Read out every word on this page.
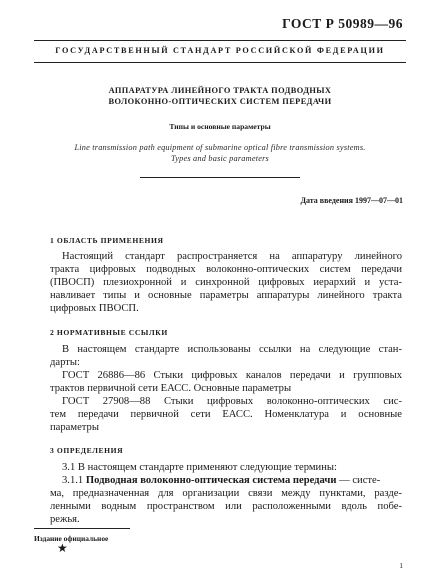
ГОСТ Р 50989—96
ГОСУДАРСТВЕННЫЙ СТАНДАРТ РОССИЙСКОЙ ФЕДЕРАЦИИ
АППАРАТУРА ЛИНЕЙНОГО ТРАКТА ПОДВОДНЫХ
ВОЛОКОННО-ОПТИЧЕСКИХ СИСТЕМ ПЕРЕДАЧИ
Типы и основные параметры
Line transmission path equipment of submarine optical fibre transmission systems.
Types and basic parameters
Дата введения 1997—07—01
1 ОБЛАСТЬ ПРИМЕНЕНИЯ
Настоящий стандарт распространяется на аппаратуру линейного
тракта цифровых подводных волоконно-оптических систем передачи
(ПВОСП) плезиохронной и синхронной цифровых иерархий и уста-
навливает типы и основные параметры аппаратуры линейного тракта
цифровых ПВОСП.
2 НОРМАТИВНЫЕ ССЫЛКИ
В настоящем стандарте использованы ссылки на следующие стан-
дарты:
ГОСТ 26886—86 Стыки цифровых каналов передачи и групповых
трактов первичной сети ЕАСС. Основные параметры
ГОСТ 27908—88 Стыки цифровых волоконно-оптических сис-
тем передачи первичной сети ЕАСС. Номенклатура и основные
параметры
3 ОПРЕДЕЛЕНИЯ
3.1 В настоящем стандарте применяют следующие термины:
3.1.1 Подводная волоконно-оптическая система передачи — систе-
ма, предназначенная для организации связи между пунктами, разде-
ленными водным пространством или расположенными вдоль побе-
режья.
Издание официальное
★
1
